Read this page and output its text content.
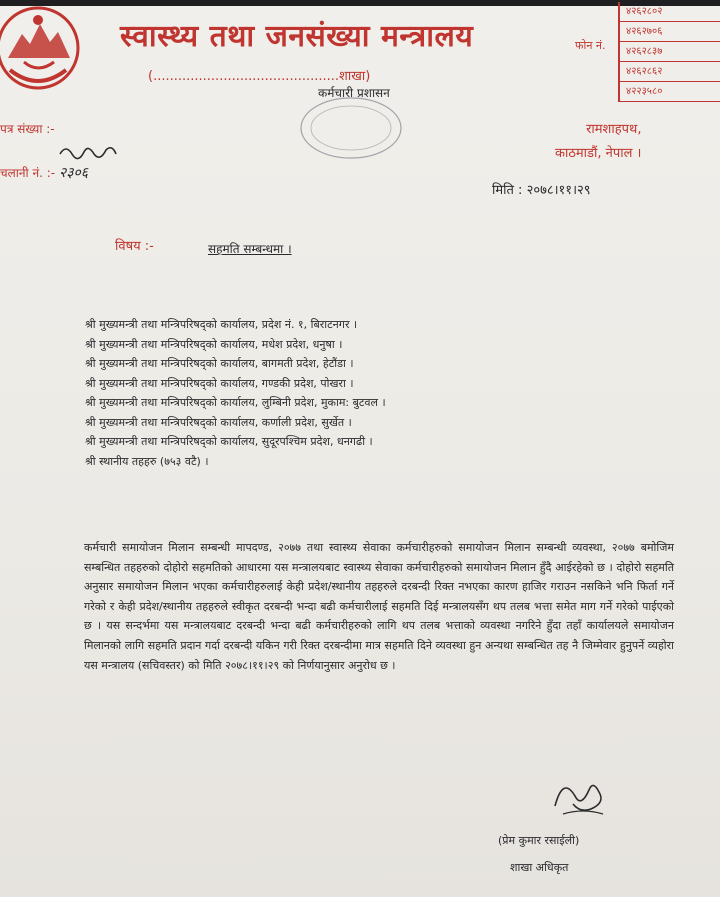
स्वास्थ्य तथा जनसंख्या मन्त्रालय	फोन नं.
४२६२८०२
४२६२७०६
४२६२८३७
४२६२८६२
४२२३५८०
(.............................................शाखा)
कर्मचारी प्रशासन
पत्र संख्या :-
चलानी नं. :- २३०६
रामशाहपथ,
काठमाडौं, नेपाल ।
मिति : २०७८।११।२९
विषय :-	सहमति सम्बन्धमा ।
श्री मुख्यमन्त्री तथा मन्त्रिपरिषद्को कार्यालय, प्रदेश नं. १, बिराटनगर ।
श्री मुख्यमन्त्री तथा मन्त्रिपरिषद्को कार्यालय, मधेश प्रदेश, धनुषा ।
श्री मुख्यमन्त्री तथा मन्त्रिपरिषद्को कार्यालय, बागमती प्रदेश, हेटौंडा ।
श्री मुख्यमन्त्री तथा मन्त्रिपरिषद्को कार्यालय, गण्डकी प्रदेश, पोखरा ।
श्री मुख्यमन्त्री तथा मन्त्रिपरिषद्को कार्यालय, लुम्बिनी प्रदेश, मुकाम: बुटवल ।
श्री मुख्यमन्त्री तथा मन्त्रिपरिषद्को कार्यालय, कर्णाली प्रदेश, सुर्खेत ।
श्री मुख्यमन्त्री तथा मन्त्रिपरिषद्को कार्यालय, सुदूरपश्चिम प्रदेश, धनगढी ।
श्री स्थानीय तहहरु (७५३ वटै) ।
कर्मचारी समायोजन मिलान सम्बन्धी मापदण्ड, २०७७ तथा स्वास्थ्य सेवाका कर्मचारीहरुको समायोजन मिलान सम्बन्धी व्यवस्था, २०७७ बमोजिम सम्बन्धित तहहरुको दोहोरो सहमतिको आधारमा यस मन्त्रालयबाट स्वास्थ्य सेवाका कर्मचारीहरुको समायोजन मिलान हुँदै आईरहेको छ । दोहोरो सहमति अनुसार समायोजन मिलान भएका कर्मचारीहरुलाई केही प्रदेश/स्थानीय तहहरुले दरबन्दी रिक्त नभएका कारण हाजिर गराउन नसकिने भनि फिर्ता गर्ने गरेको र केही प्रदेश/स्थानीय तहहरुले स्वीकृत दरबन्दी भन्दा बढी कर्मचारीलाई सहमति दिई मन्त्रालयसँग थप तलब भत्ता समेत माग गर्ने गरेको पाईएको छ । यस सन्दर्भमा यस मन्त्रालयबाट दरबन्दी भन्दा बढी कर्मचारीहरुको लागि थप तलब भत्ताको व्यवस्था नगरिने हुँदा तहाँ कार्यालयले समायोजन मिलानको लागि सहमति प्रदान गर्दा दरबन्दी यकिन गरी रिक्त दरबन्दीमा मात्र सहमति दिने व्यवस्था हुन अन्यथा सम्बन्धित तह नै जिम्मेवार हुनुपर्ने व्यहोरा यस मन्त्रालय (सचिवस्तर) को मिति २०७८।११।२९ को निर्णयानुसार अनुरोध छ ।
(प्रेम कुमार रसाईली)
शाखा अधिकृत
